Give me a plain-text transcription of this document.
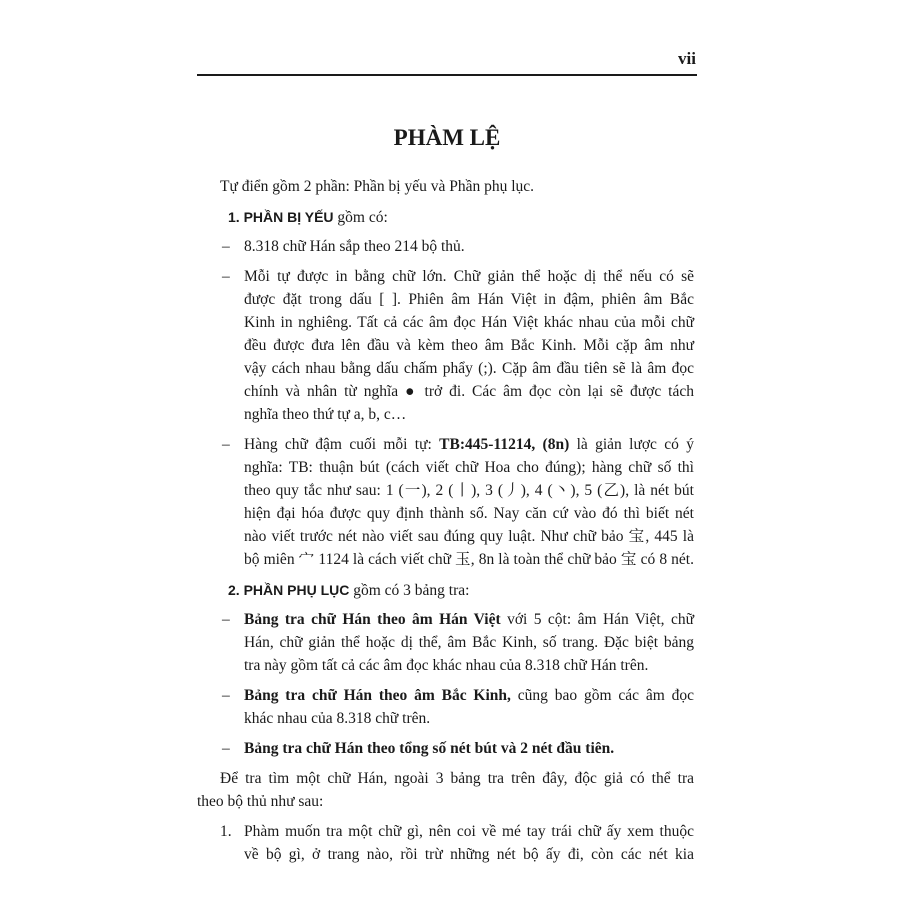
vii
PHÀM LỆ
Tự điển gồm 2 phần: Phần bị yếu và Phần phụ lục.
1. PHẦN BỊ YẾU gồm có:
– 8.318 chữ Hán sắp theo 214 bộ thủ.
– Mỗi tự được in bằng chữ lớn. Chữ giản thể hoặc dị thể nếu có sẽ
được đặt trong dấu [ ]. Phiên âm Hán Việt in đậm, phiên âm Bắc
Kinh in nghiêng. Tất cả các âm đọc Hán Việt khác nhau của mỗi chữ
đều được đưa lên đầu và kèm theo âm Bắc Kinh. Mỗi cặp âm như
vậy cách nhau bằng dấu chấm phẩy (;). Cặp âm đầu tiên sẽ là âm đọc
chính và nhân từ nghĩa ● trở đi. Các âm đọc còn lại sẽ được tách
nghĩa theo thứ tự a, b, c…
– Hàng chữ đậm cuối mỗi tự: TB:445-11214, (8n) là giản lược có ý
nghĩa: TB: thuận bút (cách viết chữ Hoa cho đúng); hàng chữ số thì
theo quy tắc như sau: 1 (一), 2 (丨), 3 (丿), 4 (丶), 5 (乙), là nét bút
hiện đại hóa được quy định thành số. Nay căn cứ vào đó thì biết nét
nào viết trước nét nào viết sau đúng quy luật. Như chữ bảo 宝, 445 là
bộ miên 宀 1124 là cách viết chữ 玉, 8n là toàn thể chữ bảo 宝 có 8 nét.
2. PHẦN PHỤ LỤC gồm có 3 bảng tra:
– Bảng tra chữ Hán theo âm Hán Việt với 5 cột: âm Hán Việt, chữ
Hán, chữ giản thể hoặc dị thể, âm Bắc Kinh, số trang. Đặc biệt bảng
tra này gồm tất cả các âm đọc khác nhau của 8.318 chữ Hán trên.
– Bảng tra chữ Hán theo âm Bắc Kinh, cũng bao gồm các âm đọc
khác nhau của 8.318 chữ trên.
– Bảng tra chữ Hán theo tổng số nét bút và 2 nét đầu tiên.
Để tra tìm một chữ Hán, ngoài 3 bảng tra trên đây, độc giả có thể tra
theo bộ thủ như sau:
1. Phàm muốn tra một chữ gì, nên coi về mé tay trái chữ ấy xem thuộc
về bộ gì, ở trang nào, rồi trừ những nét bộ ấy đi, còn các nét kia
